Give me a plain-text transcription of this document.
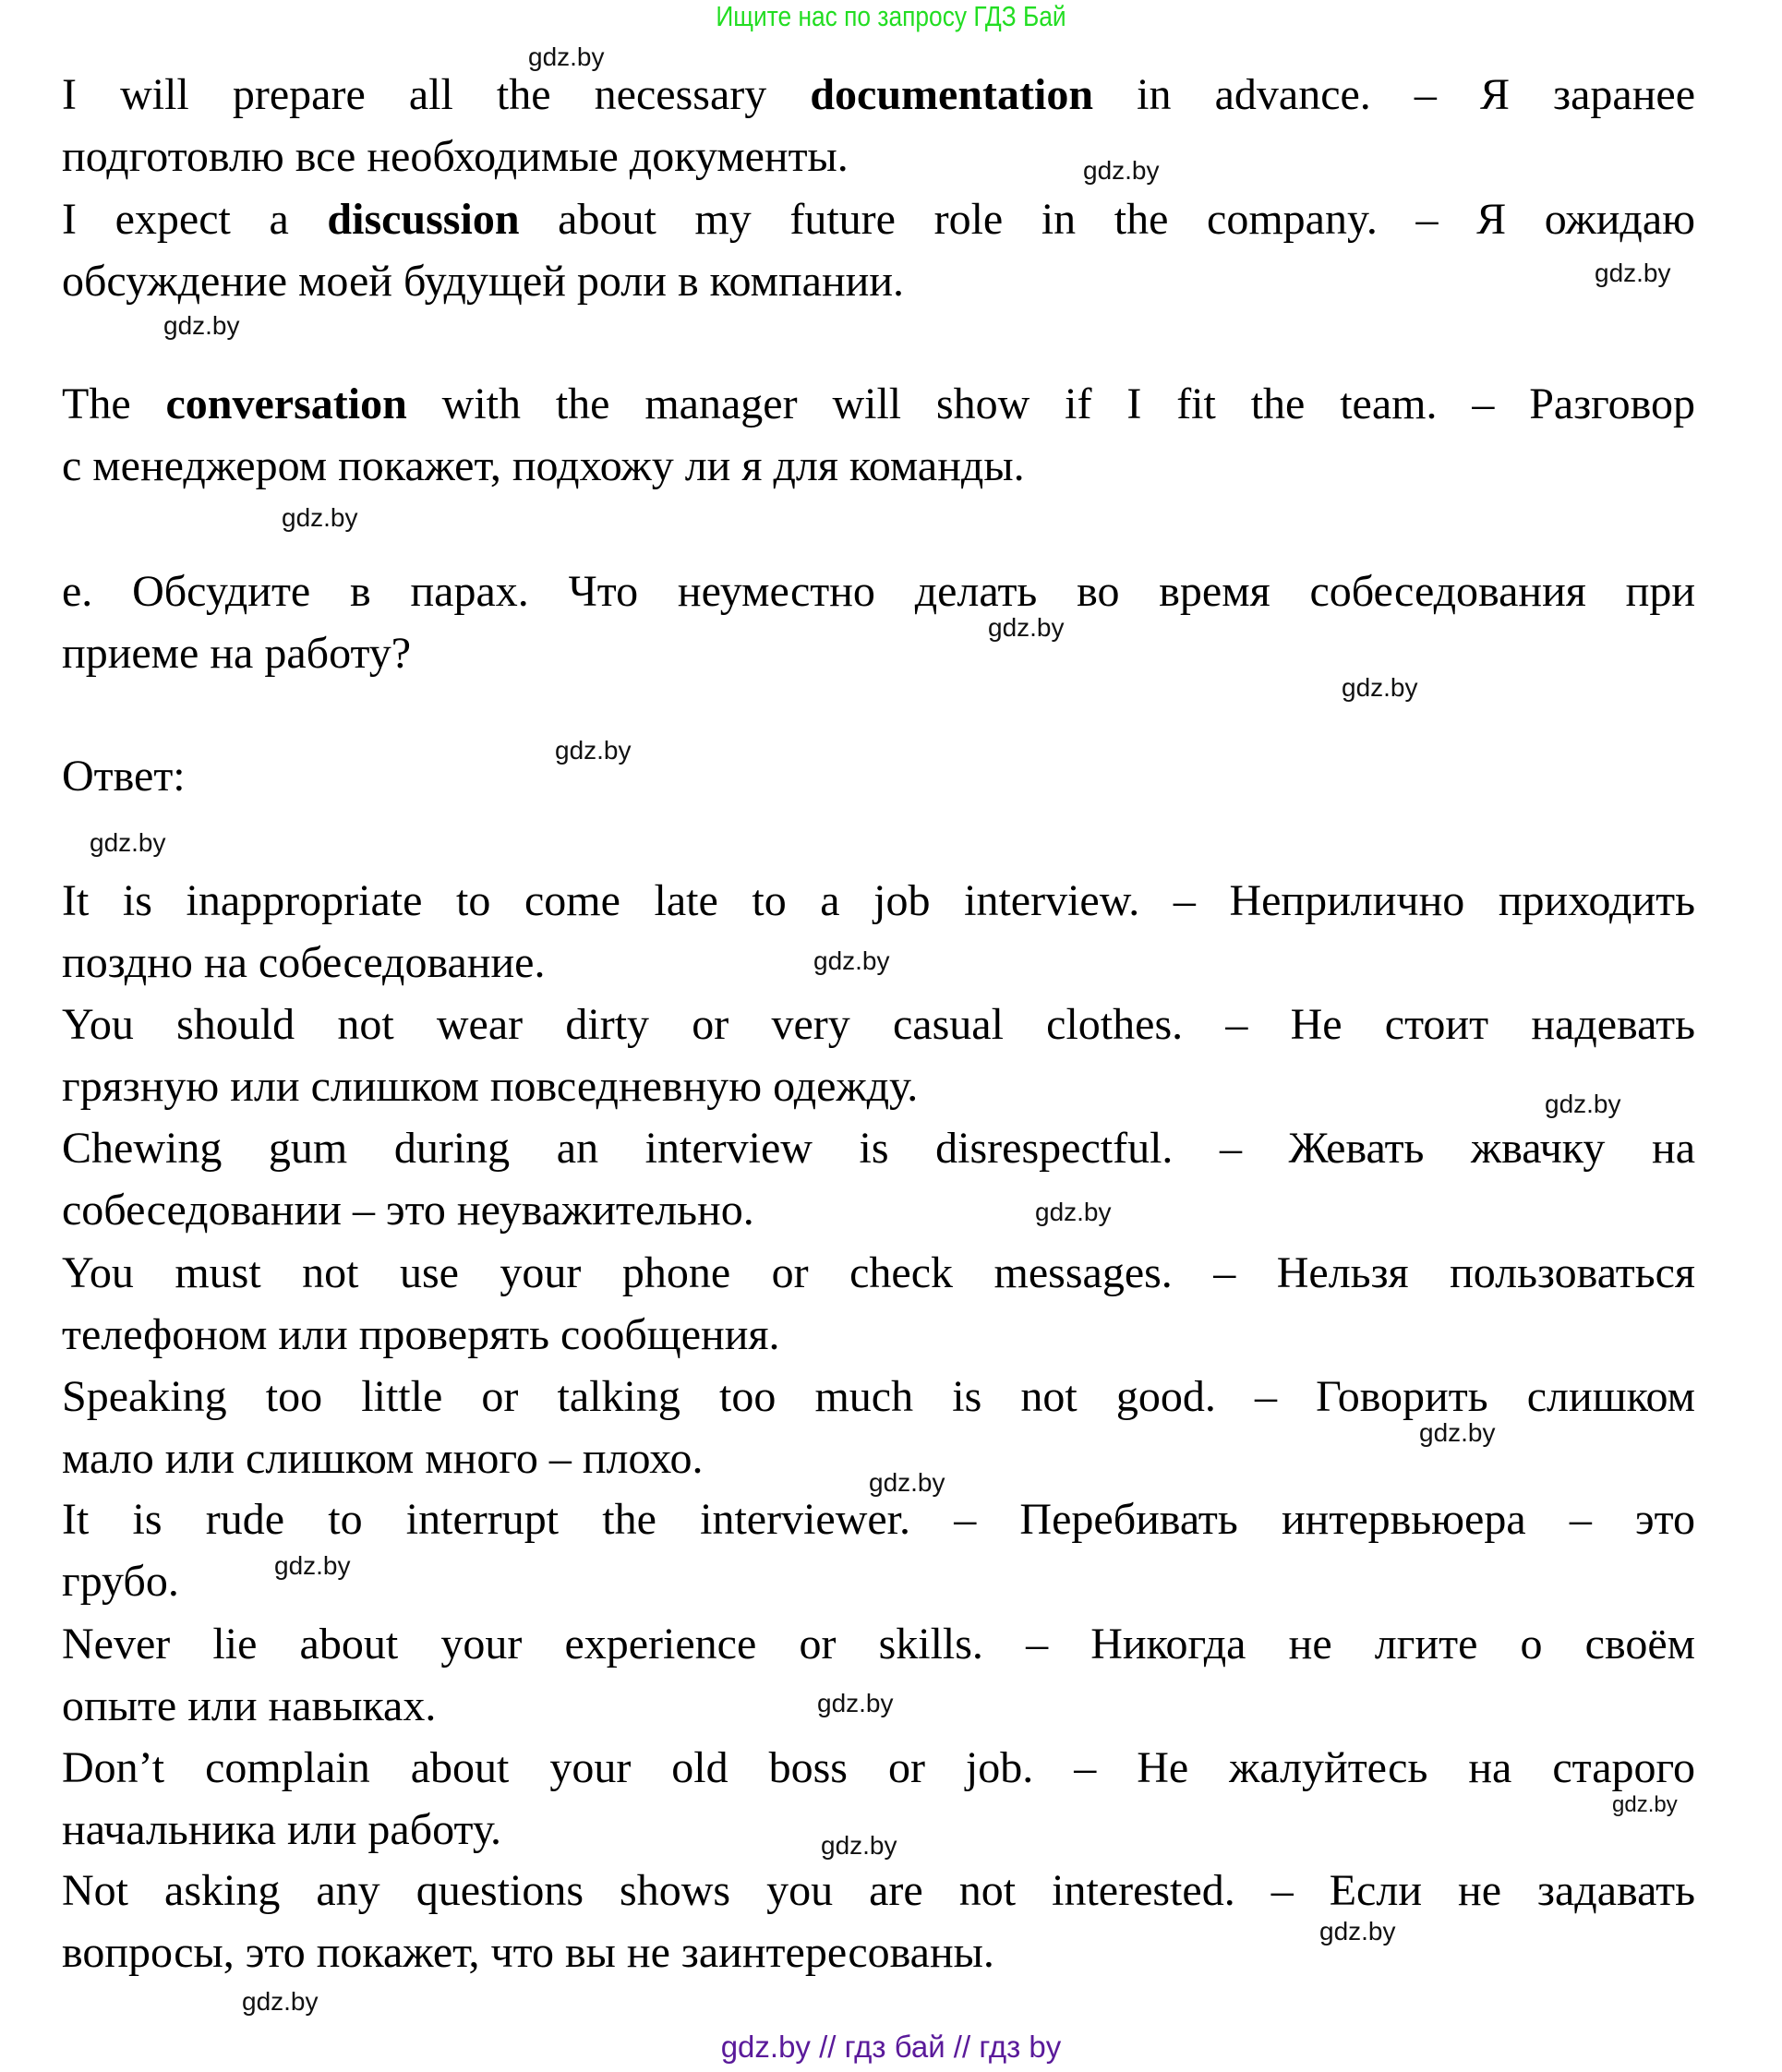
Ищите нас по запросу ГДЗ Бай
I will prepare all the necessary documentation in advance. – Я заранее
подготовлю все необходимые документы.
I expect a discussion about my future role in the company. – Я ожидаю
обсуждение моей будущей роли в компании.
The conversation with the manager will show if I fit the team. – Разговор
с менеджером покажет, подхожу ли я для команды.
e. Обсудите в парах. Что неуместно делать во время собеседования при
приеме на работу?
Ответ:
It is inappropriate to come late to a job interview. – Неприлично приходить
поздно на собеседование.
You should not wear dirty or very casual clothes. – Не стоит надевать
грязную или слишком повседневную одежду.
Chewing gum during an interview is disrespectful. – Жевать жвачку на
собеседовании – это неуважительно.
You must not use your phone or check messages. – Нельзя пользоваться
телефоном или проверять сообщения.
Speaking too little or talking too much is not good. – Говорить слишком
мало или слишком много – плохо.
It is rude to interrupt the interviewer. – Перебивать интервьюера – это
грубо.
Never lie about your experience or skills. – Никогда не лгите о своём
опыте или навыках.
Don’t complain about your old boss or job. – Не жалуйтесь на старого
начальника или работу.
Not asking any questions shows you are not interested. – Если не задавать
вопросы, это покажет, что вы не заинтересованы.
gdz.by
gdz.by
gdz.by
gdz.by
gdz.by
gdz.by
gdz.by
gdz.by
gdz.by
gdz.by
gdz.by
gdz.by
gdz.by
gdz.by
gdz.by
gdz.by
gdz.by
gdz.by
gdz.by
gdz.by
gdz.by // гдз бай // гдз by
